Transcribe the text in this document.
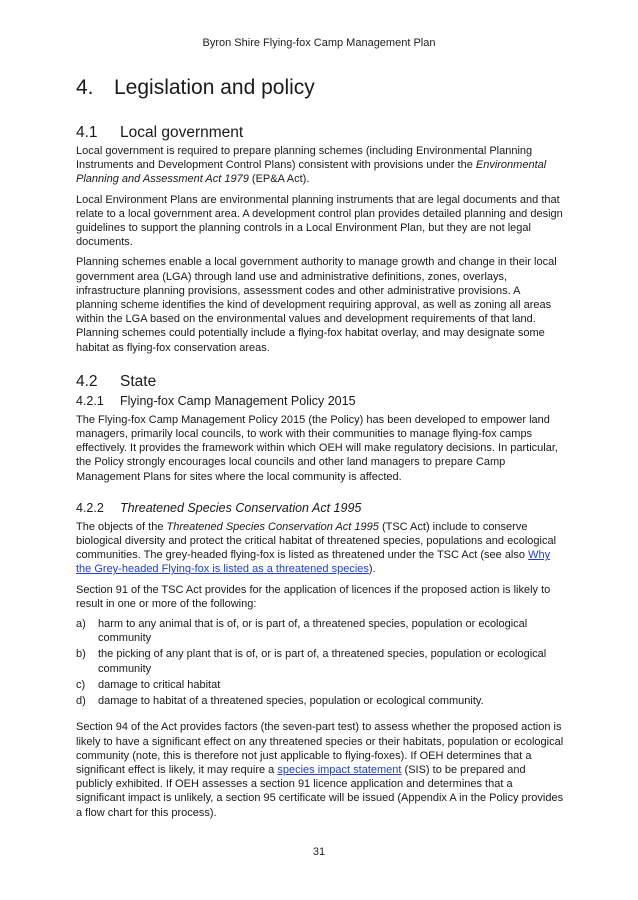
Byron Shire Flying-fox Camp Management Plan
4. Legislation and policy
4.1 Local government

Local government is required to prepare planning schemes (including Environmental Planning Instruments and Development Control Plans) consistent with provisions under the Environmental Planning and Assessment Act 1979 (EP&A Act).

Local Environment Plans are environmental planning instruments that are legal documents and that relate to a local government area. A development control plan provides detailed planning and design guidelines to support the planning controls in a Local Environment Plan, but they are not legal documents.

Planning schemes enable a local government authority to manage growth and change in their local government area (LGA) through land use and administrative definitions, zones, overlays, infrastructure planning provisions, assessment codes and other administrative provisions. A planning scheme identifies the kind of development requiring approval, as well as zoning all areas within the LGA based on the environmental values and development requirements of that land. Planning schemes could potentially include a flying-fox habitat overlay, and may designate some habitat as flying-fox conservation areas.

4.2 State
4.2.1 Flying-fox Camp Management Policy 2015

The Flying-fox Camp Management Policy 2015 (the Policy) has been developed to empower land managers, primarily local councils, to work with their communities to manage flying-fox camps effectively. It provides the framework within which OEH will make regulatory decisions. In particular, the Policy strongly encourages local councils and other land managers to prepare Camp Management Plans for sites where the local community is affected.

4.2.2 Threatened Species Conservation Act 1995

The objects of the Threatened Species Conservation Act 1995 (TSC Act) include to conserve biological diversity and protect the critical habitat of threatened species, populations and ecological communities. The grey-headed flying-fox is listed as threatened under the TSC Act (see also Why the Grey-headed Flying-fox is listed as a threatened species).

Section 91 of the TSC Act provides for the application of licences if the proposed action is likely to result in one or more of the following:

a) harm to any animal that is of, or is part of, a threatened species, population or ecological community
b) the picking of any plant that is of, or is part of, a threatened species, population or ecological community
c) damage to critical habitat
d) damage to habitat of a threatened species, population or ecological community.

Section 94 of the Act provides factors (the seven-part test) to assess whether the proposed action is likely to have a significant effect on any threatened species or their habitats, population or ecological community (note, this is therefore not just applicable to flying-foxes). If OEH determines that a significant effect is likely, it may require a species impact statement (SIS) to be prepared and publicly exhibited. If OEH assesses a section 91 licence application and determines that a significant impact is unlikely, a section 95 certificate will be issued (Appendix A in the Policy provides a flow chart for this process).

31
